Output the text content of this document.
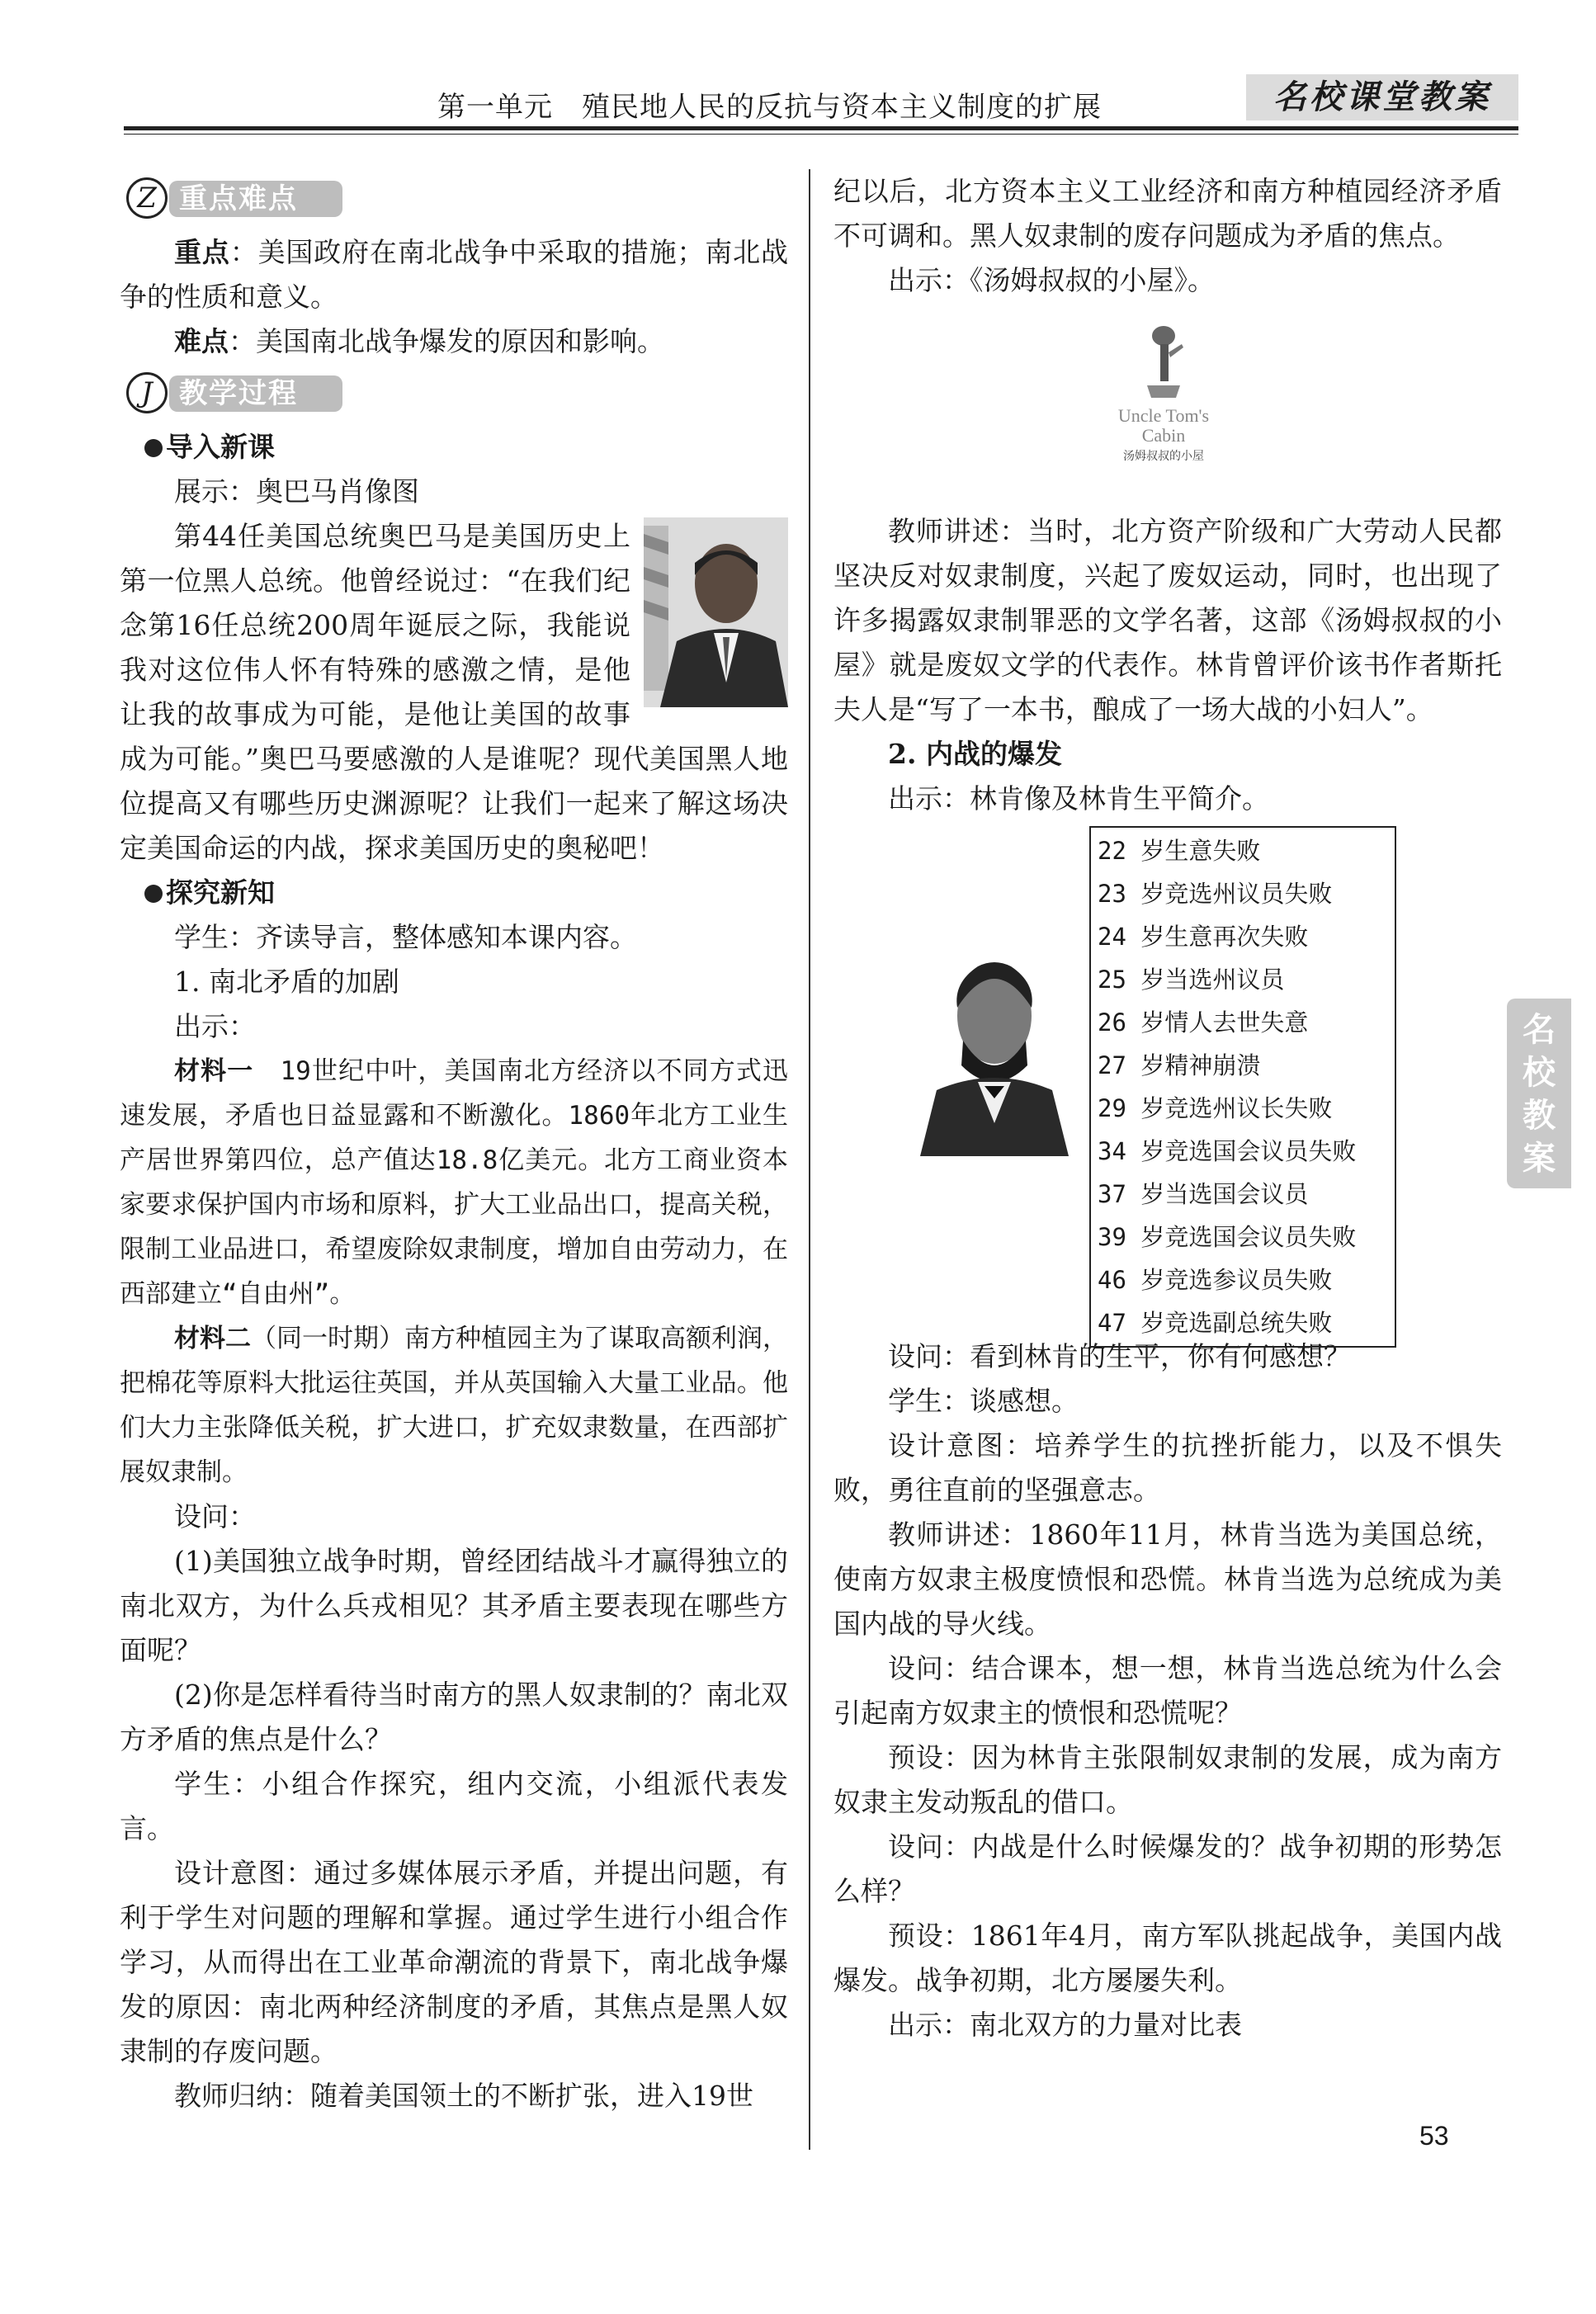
第一单元　殖民地人民的反抗与资本主义制度的扩展	名校课堂教案
Z 重点难点

重点：美国政府在南北战争中采取的措施；南北战争的性质和意义。

难点：美国南北战争爆发的原因和影响。

J 教学过程

导入新课

展示：奥巴马肖像图

第44任美国总统奥巴马是美国历史上第一位黑人总统。他曾经说过：“在我们纪念第16任总统200周年诞辰之际，我能说我对这位伟人怀有特殊的感激之情，是他让我的故事成为可能，是他让美国的故事成为可能。”奥巴马要感激的人是谁呢？现代美国黑人地位提高又有哪些历史渊源呢？让我们一起来了解这场决定美国命运的内战，探求美国历史的奥秘吧！

探究新知

学生：齐读导言，整体感知本课内容。

1. 南北矛盾的加剧

出示：

材料一　19世纪中叶，美国南北方经济以不同方式迅速发展，矛盾也日益显露和不断激化。1860年北方工业生产居世界第四位，总产值达18.8亿美元。北方工商业资本家要求保护国内市场和原料，扩大工业品出口，提高关税，限制工业品进口，希望废除奴隶制度，增加自由劳动力，在西部建立“自由州”。

材料二（同一时期）南方种植园主为了谋取高额利润，把棉花等原料大批运往英国，并从英国输入大量工业品。他们大力主张降低关税，扩大进口，扩充奴隶数量，在西部扩展奴隶制。

设问：

(1)美国独立战争时期，曾经团结战斗才赢得独立的南北双方，为什么兵戎相见？其矛盾主要表现在哪些方面呢？

(2)你是怎样看待当时南方的黑人奴隶制的？南北双方矛盾的焦点是什么？

学生：小组合作探究，组内交流，小组派代表发言。

设计意图：通过多媒体展示矛盾，并提出问题，有利于学生对问题的理解和掌握。通过学生进行小组合作学习，从而得出在工业革命潮流的背景下，南北战争爆发的原因：南北两种经济制度的矛盾，其焦点是黑人奴隶制的存废问题。

教师归纳：随着美国领土的不断扩张，进入19世

纪以后，北方资本主义工业经济和南方种植园经济矛盾不可调和。黑人奴隶制的废存问题成为矛盾的焦点。

出示：《汤姆叔叔的小屋》。

Uncle Tom's
Cabin
汤姆叔叔的小屋

教师讲述：当时，北方资产阶级和广大劳动人民都坚决反对奴隶制度，兴起了废奴运动，同时，也出现了许多揭露奴隶制罪恶的文学名著，这部《汤姆叔叔的小屋》就是废奴文学的代表作。林肯曾评价该书作者斯托夫人是“写了一本书，酿成了一场大战的小妇人”。

2. 内战的爆发

出示：林肯像及林肯生平简介。

22 岁生意失败
23 岁竞选州议员失败
24 岁生意再次失败
25 岁当选州议员
26 岁情人去世失意
27 岁精神崩溃
29 岁竞选州议长失败
34 岁竞选国会议员失败
37 岁当选国会议员
39 岁竞选国会议员失败
46 岁竞选参议员失败
47 岁竞选副总统失败

设问：看到林肯的生平，你有何感想？

学生：谈感想。

设计意图：培养学生的抗挫折能力，以及不惧失败，勇往直前的坚强意志。

教师讲述：1860年11月，林肯当选为美国总统，使南方奴隶主极度愤恨和恐慌。林肯当选为总统成为美国内战的导火线。

设问：结合课本，想一想，林肯当选总统为什么会引起南方奴隶主的愤恨和恐慌呢？

预设：因为林肯主张限制奴隶制的发展，成为南方奴隶主发动叛乱的借口。

设问：内战是什么时候爆发的？战争初期的形势怎么样？

预设：1861年4月，南方军队挑起战争，美国内战爆发。战争初期，北方屡屡失利。

出示：南北双方的力量对比表

名
校
教
案
53
